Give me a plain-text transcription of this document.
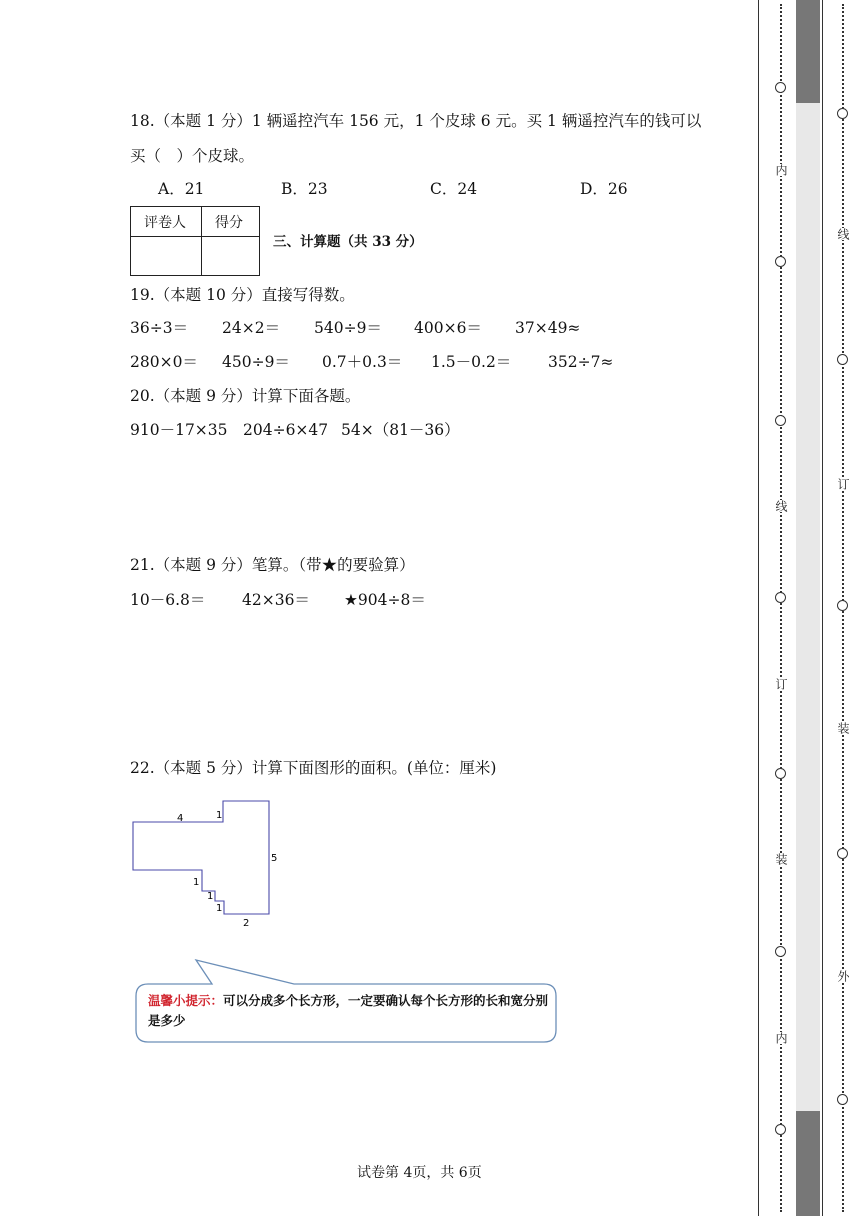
18.（本题 1 分）1 辆遥控汽车 156 元，1 个皮球 6 元。买 1 辆遥控汽车的钱可以
买（　）个皮球。
A．21	B．23	C．24	D．26
评卷人 得分
三、计算题（共 33 分）
19.（本题 10 分）直接写得数。
36÷3＝ 24×2＝ 540÷9＝ 400×6＝ 37×49≈
280×0＝ 450÷9＝ 0.7＋0.3＝ 1.5－0.2＝ 352÷7≈
20.（本题 9 分）计算下面各题。
910－17×35 204÷6×47 54×（81－36）
21.（本题 9 分）笔算。（带★的要验算）
10－6.8＝ 42×36＝ ★904÷8＝
22.（本题 5 分）计算下面图形的面积。(单位：厘米)
4	1
5
1
1
1
2
温馨小提示：可以分成多个长方形，一定要确认每个长方形的长和宽分别是多少
试卷第 4页，共 6页
内
线
订
装
内
线
订
装
外
